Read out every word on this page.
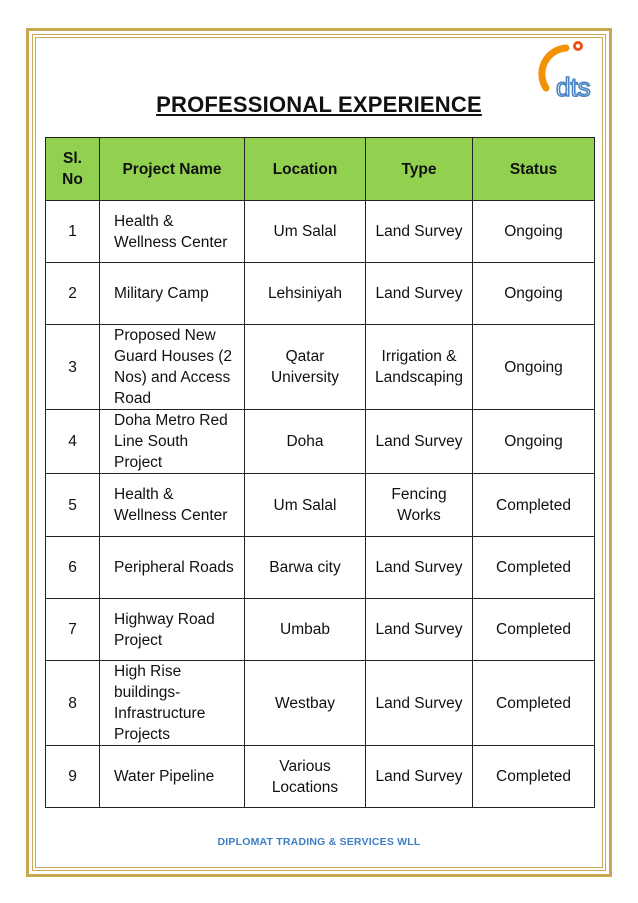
dts
PROFESSIONAL EXPERIENCE
Sl. No	Project Name	Location	Type	Status
1	Health & Wellness Center	Um Salal	Land Survey	Ongoing
2	Military Camp	Lehsiniyah	Land Survey	Ongoing
3	Proposed New Guard Houses (2 Nos) and Access Road	Qatar University	Irrigation & Landscaping	Ongoing
4	Doha Metro Red Line South Project	Doha	Land Survey	Ongoing
5	Health & Wellness Center	Um Salal	Fencing Works	Completed
6	Peripheral Roads	Barwa city	Land Survey	Completed
7	Highway Road Project	Umbab	Land Survey	Completed
8	High Rise buildings-Infrastructure Projects	Westbay	Land Survey	Completed
9	Water Pipeline	Various Locations	Land Survey	Completed
DIPLOMAT TRADING & SERVICES WLL
